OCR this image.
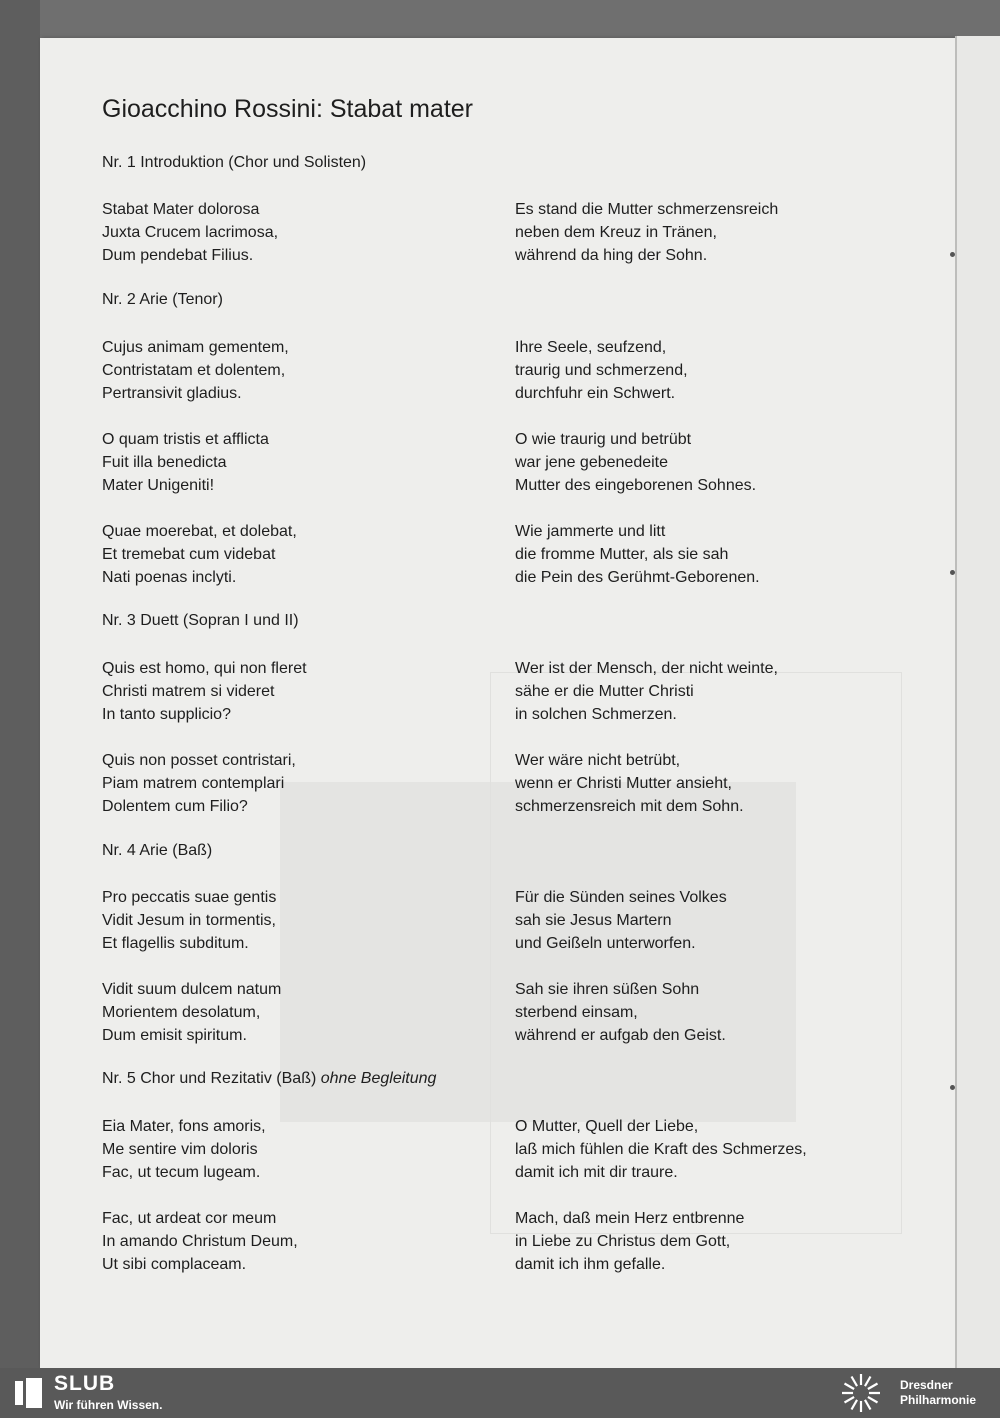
Gioacchino Rossini: Stabat mater
Nr. 1 Introduktion (Chor und Solisten)
Stabat Mater dolorosa
Juxta Crucem lacrimosa,
Dum pendebat Filius.
Es stand die Mutter schmerzensreich
neben dem Kreuz in Tränen,
während da hing der Sohn.
Nr. 2 Arie (Tenor)
Cujus animam gementem,
Contristatam et dolentem,
Pertransivit gladius.
Ihre Seele, seufzend,
traurig und schmerzend,
durchfuhr ein Schwert.
O quam tristis et afflicta
Fuit illa benedicta
Mater Unigeniti!
O wie traurig und betrübt
war jene gebenedeite
Mutter des eingeborenen Sohnes.
Quae moerebat, et dolebat,
Et tremebat cum videbat
Nati poenas inclyti.
Wie jammerte und litt
die fromme Mutter, als sie sah
die Pein des Gerühmt-Geborenen.
Nr. 3 Duett (Sopran I und II)
Quis est homo, qui non fleret
Christi matrem si videret
In tanto supplicio?
Wer ist der Mensch, der nicht weinte,
sähe er die Mutter Christi
in solchen Schmerzen.
Quis non posset contristari,
Piam matrem contemplari
Dolentem cum Filio?
Wer wäre nicht betrübt,
wenn er Christi Mutter ansieht,
schmerzensreich mit dem Sohn.
Nr. 4 Arie (Baß)
Pro peccatis suae gentis
Vidit Jesum in tormentis,
Et flagellis subditum.
Für die Sünden seines Volkes
sah sie Jesus Martern
und Geißeln unterworfen.
Vidit suum dulcem natum
Morientem desolatum,
Dum emisit spiritum.
Sah sie ihren süßen Sohn
sterbend einsam,
während er aufgab den Geist.
Nr. 5 Chor und Rezitativ (Baß) ohne Begleitung
Eia Mater, fons amoris,
Me sentire vim doloris
Fac, ut tecum lugeam.
O Mutter, Quell der Liebe,
laß mich fühlen die Kraft des Schmerzes,
damit ich mit dir traure.
Fac, ut ardeat cor meum
In amando Christum Deum,
Ut sibi complaceam.
Mach, daß mein Herz entbrenne
in Liebe zu Christus dem Gott,
damit ich ihm gefalle.
SLUB
Wir führen Wissen.
Dresdner
Philharmonie
